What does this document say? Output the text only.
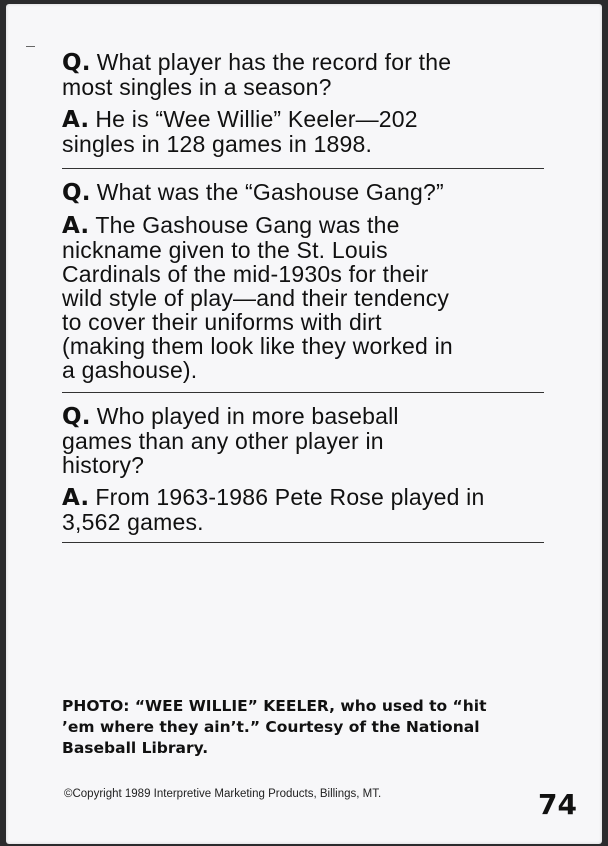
Q. What player has the record for the

most singles in a season?

A. He is “Wee Willie” Keeler—202

singles in 128 games in 1898.

Q. What was the “Gashouse Gang?”

A. The Gashouse Gang was the

nickname given to the St. Louis

Cardinals of the mid-1930s for their

wild style of play—and their tendency

to cover their uniforms with dirt

(making them look like they worked in

a gashouse).

Q. Who played in more baseball

games than any other player in

history?

A. From 1963-1986 Pete Rose played in

3,562 games.

PHOTO: “WEE WILLIE” KEELER, who used to “hit
’em where they ain’t.” Courtesy of the National
Baseball Library.
©Copyright 1989 Interpretive Marketing Products, Billings, MT.	74
